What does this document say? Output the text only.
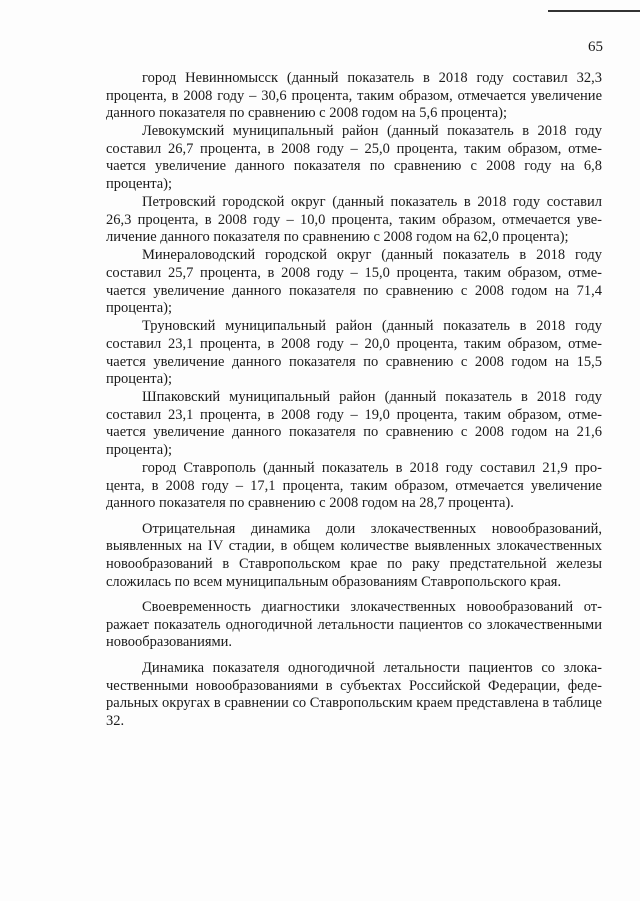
65

город Невинномысск (данный показатель в 2018 году составил 32,3 процента, в 2008 году – 30,6 процента, таким образом, отмечается увеличение данного показателя по сравнению с 2008 годом на 5,6 процента);

Левокумский муниципальный район (данный показатель в 2018 году составил 26,7 процента, в 2008 году – 25,0 процента, таким образом, отмечается увеличение данного показателя по сравнению с 2008 году на 6,8 процента);

Петровский городской округ (данный показатель в 2018 году составил 26,3 процента, в 2008 году – 10,0 процента, таким образом, отмечается увеличение данного показателя по сравнению с 2008 годом на 62,0 процента);

Минераловодский городской округ (данный показатель в 2018 году составил 25,7 процента, в 2008 году – 15,0 процента, таким образом, отмечается увеличение данного показателя по сравнению с 2008 годом на 71,4 процента);

Труновский муниципальный район (данный показатель в 2018 году составил 23,1 процента, в 2008 году – 20,0 процента, таким образом, отмечается увеличение данного показателя по сравнению с 2008 годом на 15,5 процента);

Шпаковский муниципальный район (данный показатель в 2018 году составил 23,1 процента, в 2008 году – 19,0 процента, таким образом, отмечается увеличение данного показателя по сравнению с 2008 годом на 21,6 процента);

город Ставрополь (данный показатель в 2018 году составил 21,9 процента, в 2008 году – 17,1 процента, таким образом, отмечается увеличение данного показателя по сравнению с 2008 годом на 28,7 процента).

Отрицательная динамика доли злокачественных новообразований, выявленных на IV стадии, в общем количестве выявленных злокачественных новообразований в Ставропольском крае по раку предстательной железы сложилась по всем муниципальным образованиям Ставропольского края.

Своевременность диагностики злокачественных новообразований отражает показатель одногодичной летальности пациентов со злокачественными новообразованиями.

Динамика показателя одногодичной летальности пациентов со злокачественными новообразованиями в субъектах Российской Федерации, федеральных округах в сравнении со Ставропольским краем представлена в таблице 32.
